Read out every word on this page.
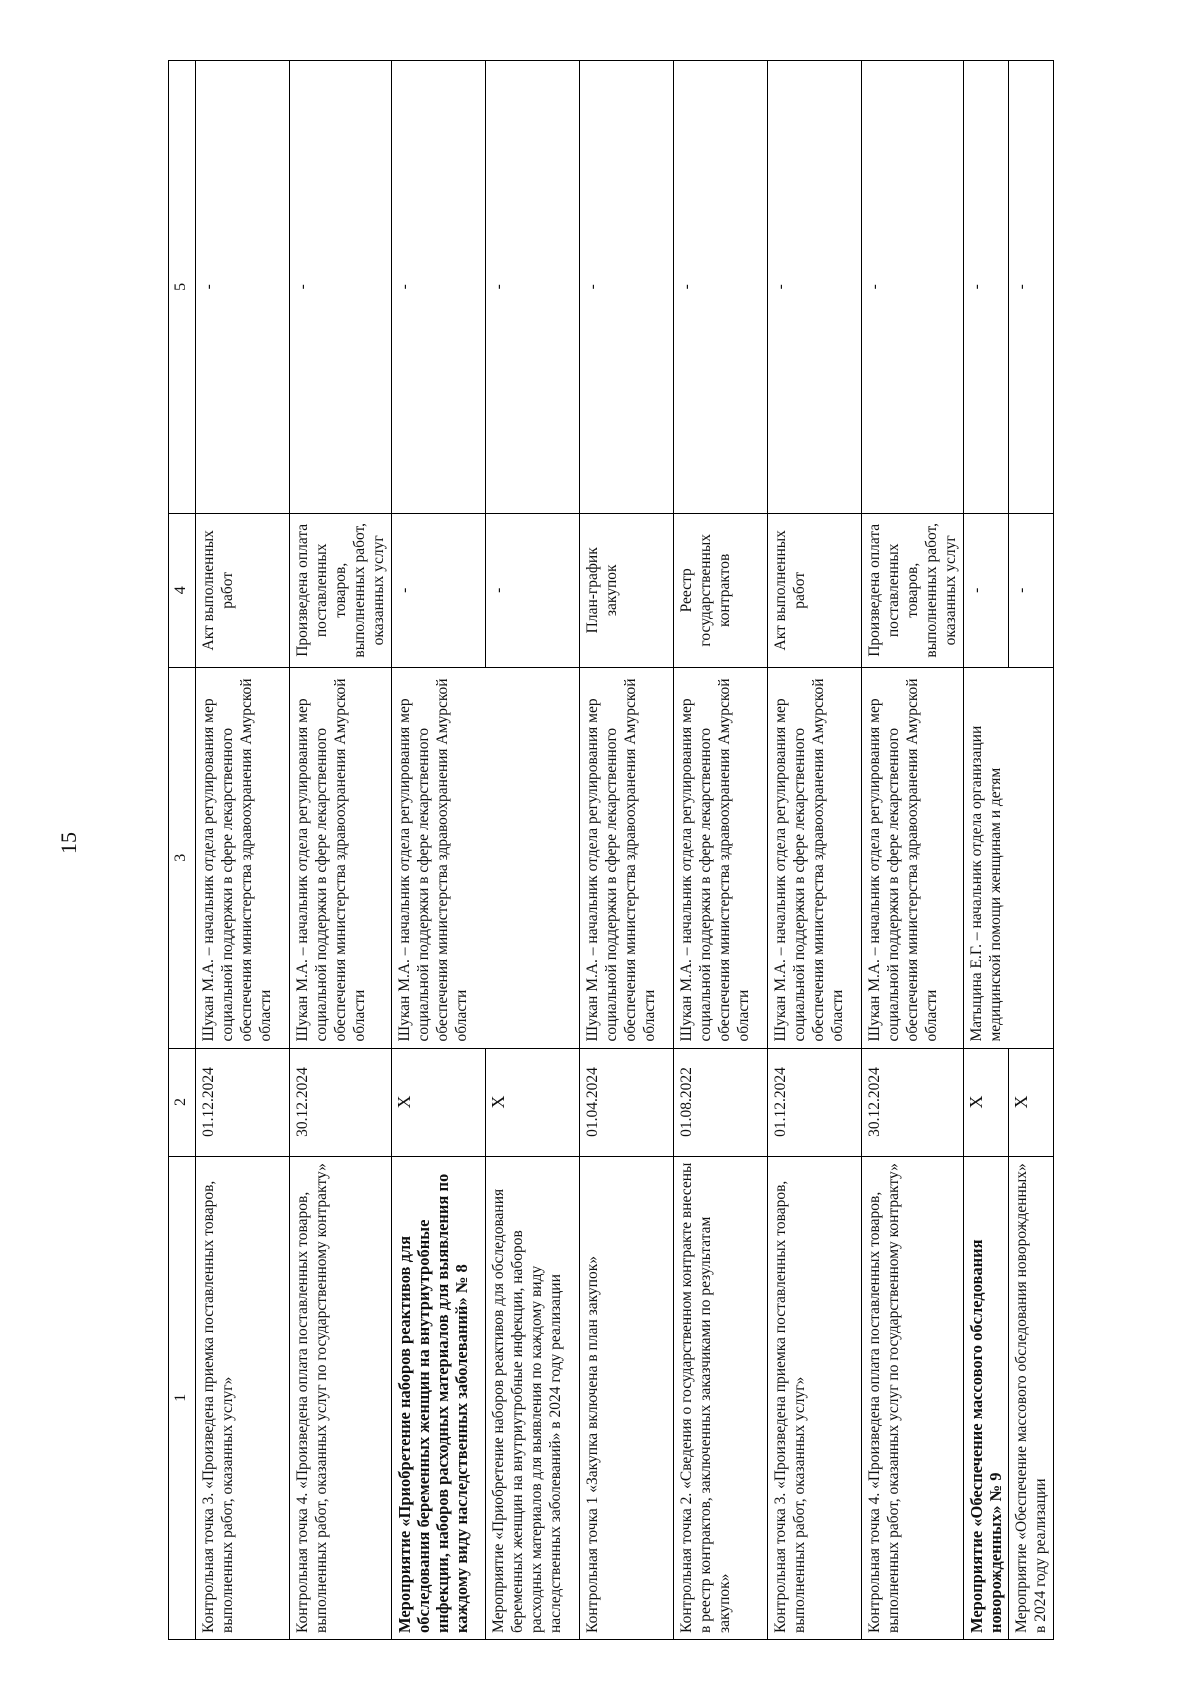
15
1	2	3	4	5
Контрольная точка 3. «Произведена приемка поставленных товаров, выполненных работ, оказанных услуг»	01.12.2024	Шукан М.А. – начальник отдела регулирования мер социальной поддержки в сфере лекарственного обеспечения министерства здравоохранения Амурской области	Акт выполненных работ	-
Контрольная точка 4. «Произведена оплата поставленных товаров, выполненных работ, оказанных услуг по государственному контракту»	30.12.2024	Шукан М.А. – начальник отдела регулирования мер социальной поддержки в сфере лекарственного обеспечения министерства здравоохранения Амурской области	Произведена оплата поставленных товаров, выполненных работ, оказанных услуг	-
Мероприятие «Приобретение наборов реактивов для обследования беременных женщин на внутриутробные инфекции, наборов расходных материалов для выявления по каждому виду наследственных заболеваний» № 8	Х	Шукан М.А. – начальник отдела регулирования мер социальной поддержки в сфере лекарственного обеспечения министерства здравоохранения Амурской области	-	-
Мероприятие «Приобретение наборов реактивов для обследования беременных женщин на внутриутробные инфекции, наборов расходных материалов для выявления по каждому виду наследственных заболеваний» в 2024 году реализации	Х		-	-
Контрольная точка 1 «Закупка включена в план закупок»	01.04.2024	Шукан М.А. – начальник отдела регулирования мер социальной поддержки в сфере лекарственного обеспечения министерства здравоохранения Амурской области	План-график закупок	-
Контрольная точка 2. «Сведения о государственном контракте внесены в реестр контрактов, заключенных заказчиками по результатам закупок»	01.08.2022	Шукан М.А. – начальник отдела регулирования мер социальной поддержки в сфере лекарственного обеспечения министерства здравоохранения Амурской области	Реестр государственных контрактов	-
Контрольная точка 3. «Произведена приемка поставленных товаров, выполненных работ, оказанных услуг»	01.12.2024	Шукан М.А. – начальник отдела регулирования мер социальной поддержки в сфере лекарственного обеспечения министерства здравоохранения Амурской области	Акт выполненных работ	-
Контрольная точка 4. «Произведена оплата поставленных товаров, выполненных работ, оказанных услуг по государственному контракту»	30.12.2024	Шукан М.А. – начальник отдела регулирования мер социальной поддержки в сфере лекарственного обеспечения министерства здравоохранения Амурской области	Произведена оплата поставленных товаров, выполненных работ, оказанных услуг	-
Мероприятие «Обеспечение массового обследования новорожденных» № 9	Х	Матыцина Е.Г. – начальник отдела организации медицинской помощи женщинам и детям	-	-
Мероприятие «Обеспечение массового обследования новорожденных» в 2024 году реализации	Х		-	-
